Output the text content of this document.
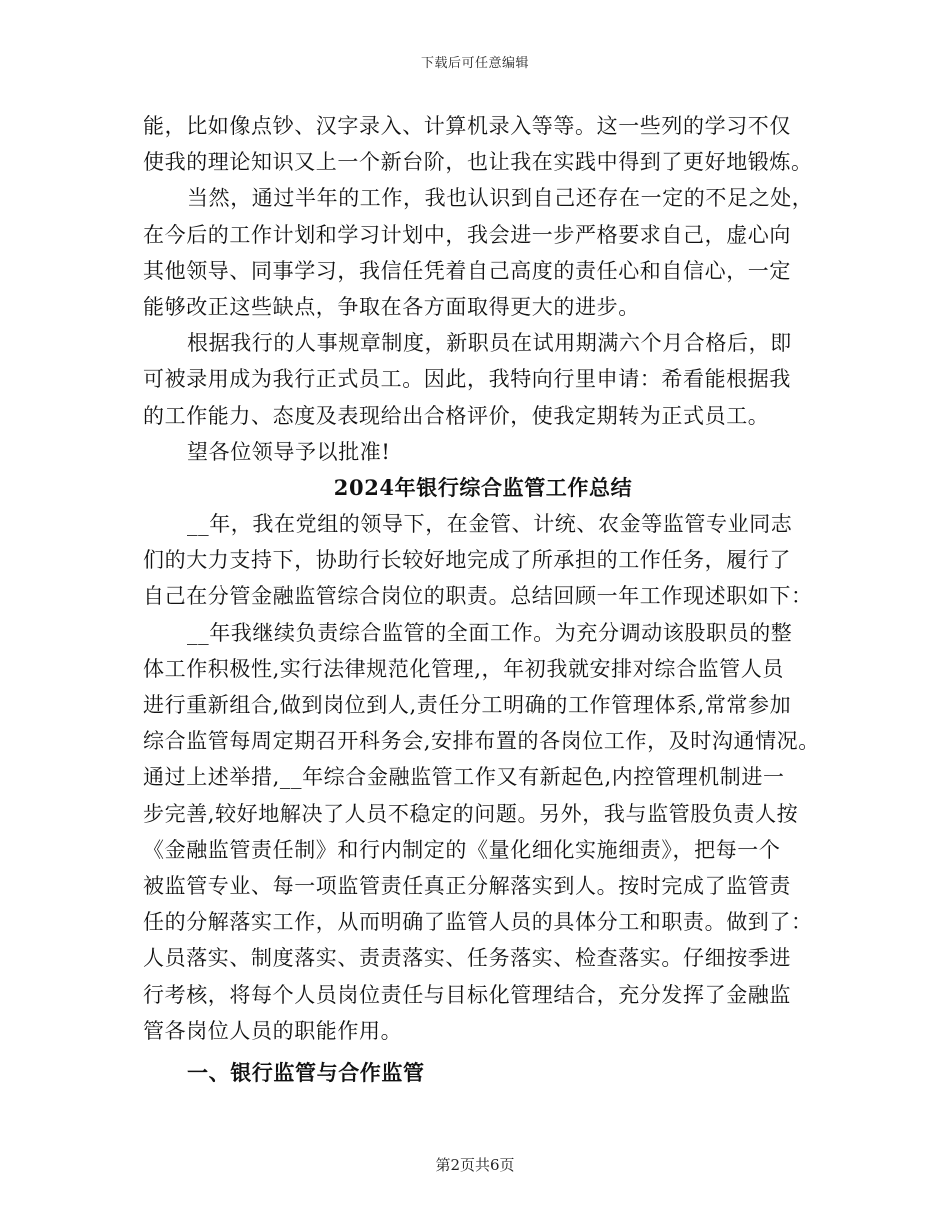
下载后可任意编辑
能，比如像点钞、汉字录入、计算机录入等等。这一些列的学习不仅
使我的理论知识又上一个新台阶，也让我在实践中得到了更好地锻炼。
当然，通过半年的工作，我也认识到自己还存在一定的不足之处，
在今后的工作计划和学习计划中，我会进一步严格要求自己，虚心向
其他领导、同事学习，我信任凭着自己高度的责任心和自信心，一定
能够改正这些缺点，争取在各方面取得更大的进步。
根据我行的人事规章制度，新职员在试用期满六个月合格后，即
可被录用成为我行正式员工。因此，我特向行里申请：希看能根据我
的工作能力、态度及表现给出合格评价，使我定期转为正式员工。
望各位领导予以批准!
2024年银行综合监管工作总结
__年，我在党组的领导下，在金管、计统、农金等监管专业同志
们的大力支持下，协助行长较好地完成了所承担的工作任务，履行了
自己在分管金融监管综合岗位的职责。总结回顾一年工作现述职如下：
__年我继续负责综合监管的全面工作。为充分调动该股职员的整
体工作积极性,实行法律规范化管理,，年初我就安排对综合监管人员
进行重新组合,做到岗位到人,责任分工明确的工作管理体系,常常参加
综合监管每周定期召开科务会,安排布置的各岗位工作，及时沟通情况。
通过上述举措,__年综合金融监管工作又有新起色,内控管理机制进一
步完善,较好地解决了人员不稳定的问题。另外，我与监管股负责人按
《金融监管责任制》和行内制定的《量化细化实施细责》，把每一个
被监管专业、每一项监管责任真正分解落实到人。按时完成了监管责
任的分解落实工作，从而明确了监管人员的具体分工和职责。做到了：
人员落实、制度落实、责责落实、任务落实、检查落实。仔细按季进
行考核，将每个人员岗位责任与目标化管理结合，充分发挥了金融监
管各岗位人员的职能作用。
一、银行监管与合作监管
第2页共6页
